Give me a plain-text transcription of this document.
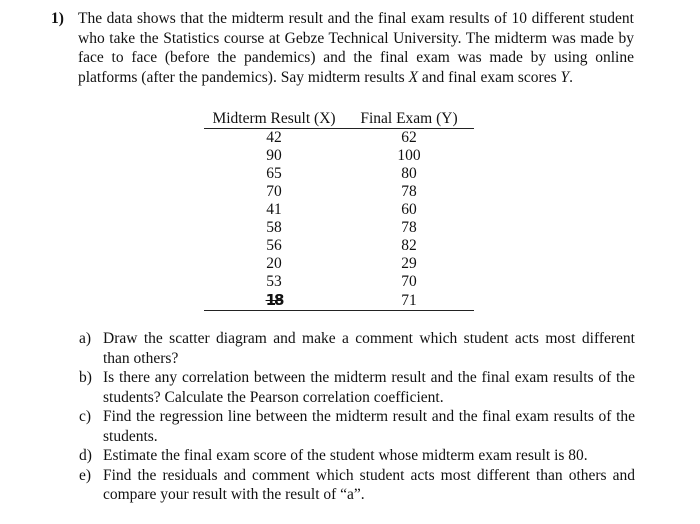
1) The data shows that the midterm result and the final exam results of 10 different student who take the Statistics course at Gebze Technical University. The midterm was made by face to face (before the pandemics) and the final exam was made by using online platforms (after the pandemics). Say midterm results X and final exam scores Y.
Midterm Result (X)	Final Exam (Y)
42	62
90	100
65	80
70	78
41	60
58	78
56	82
20	29
53	70
18	71
a) Draw the scatter diagram and make a comment which student acts most different than others?
b) Is there any correlation between the midterm result and the final exam results of the students? Calculate the Pearson correlation coefficient.
c) Find the regression line between the midterm result and the final exam results of the students.
d) Estimate the final exam score of the student whose midterm exam result is 80.
e) Find the residuals and comment which student acts most different than others and compare your result with the result of “a”.
